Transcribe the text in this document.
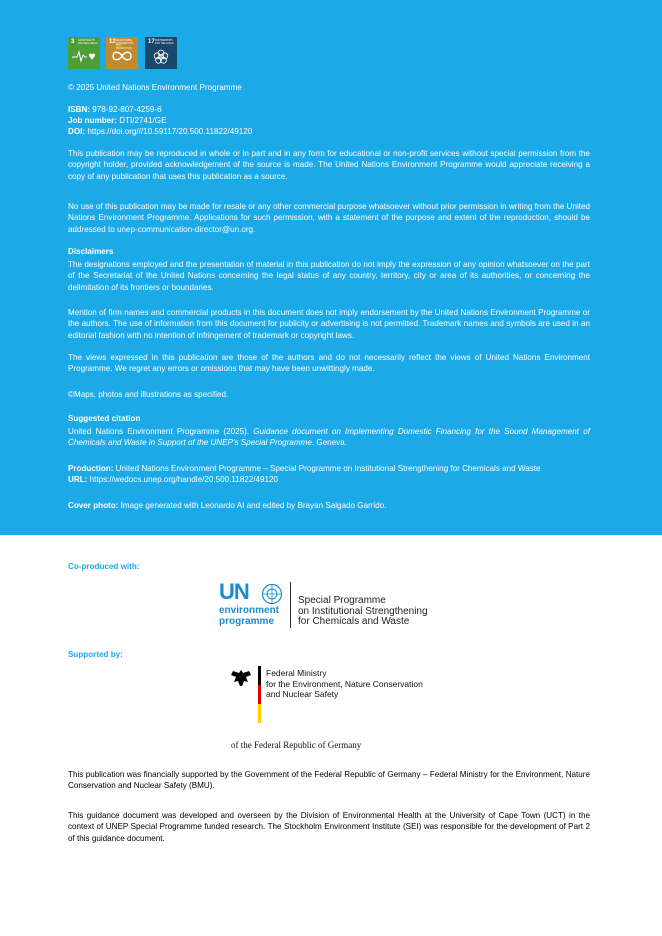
3 GOOD HEALTH AND WELL-BEING 12 RESPONSIBLE CONSUMPTION AND PRODUCTION
17 PARTNERSHIPS FOR THE GOALS
© 2025 United Nations Environment Programme
ISBN: 978-92-807-4259-6
Job number: DTI/2741/GE
DOI: https://doi.org///10.59117/20.500.11822/49120
This publication may be reproduced in whole or in part and in any form for educational or non-profit services without special permission from the copyright holder, provided acknowledgement of the source is made. The United Nations Environment Programme would appreciate receiving a copy of any publication that uses this publication as a source.
No use of this publication may be made for resale or any other commercial purpose whatsoever without prior permission in writing from the United Nations Environment Programme. Applications for such permission, with a statement of the purpose and extent of the reproduction, should be addressed to unep-communication-director@un.org.
Disclaimers
The designations employed and the presentation of material in this publication do not imply the expression of any opinion whatsoever on the part of the Secretariat of the United Nations concerning the legal status of any country, territory, city or area of its authorities, or concerning the delimitation of its frontiers or boundaries.
Mention of firm names and commercial products in this document does not imply endorsement by the United Nations Environment Programme or the authors. The use of information from this document for publicity or advertising is not permitted. Trademark names and symbols are used in an editorial fashion with no intention of infringement of trademark or copyright laws.
The views expressed in this publication are those of the authors and do not necessarily reflect the views of United Nations Environment Programme. We regret any errors or omissions that may have been unwittingly made.
©Maps, photos and illustrations as specified.
Suggested citation
United Nations Environment Programme (2025). Guidance document on Implementing Domestic Financing for the Sound Management of Chemicals and Waste in Support of the UNEP's Special Programme. Geneva.
Production: United Nations Environment Programme – Special Programme on Institutional Strengthening for Chemicals and Waste
URL: https://wedocs.unep.org/handle/20.500.11822/49120
Cover photo: Image generated with Leonardo AI and edited by Brayan Salgado Garrido.
Co-produced with:
UN
environment
programme
Special Programme
on Institutional Strengthening
for Chemicals and Waste
Supported by:
Federal Ministry
for the Environment, Nature Conservation
and Nuclear Safety
of the Federal Republic of Germany
This publication was financially supported by the Government of the Federal Republic of Germany – Federal Ministry for the Environment, Nature Conservation and Nuclear Safety (BMU).
This guidance document was developed and overseen by the Division of Environmental Health at the University of Cape Town (UCT) in the context of UNEP Special Programme funded research. The Stockholm Environment Institute (SEI) was responsible for the development of Part 2 of this guidance document.
